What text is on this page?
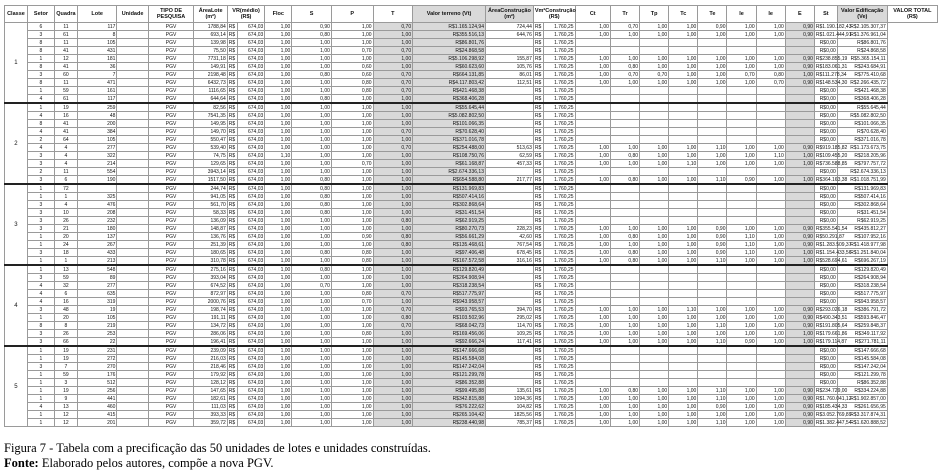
Classe	Setor	Quadra	Lote	Unidade	TIPO DE PESQUISA	ÁreaLote (m²)	VR(médio) (R$)		Floc	S	P	T	Valor terreno (Vt)	ÁreaConstrução (m²)	Vm²Construção (R$)		Ct	Tr	Tp	Tc	Te	Ie	Ie	E	St	Valor Edificação (Ve)	VALOR TOTAL (R$)
1	6	11	117		PGV	1788,84	R$	674,03	1,00	0,90	1,00	0,70	R$1.165.124,94	724,44	R$	1.760,25	1,00	0,70	1,00	1,00	0,90	1,00	1,00	0,90	R$1.190.182,43	R$2.105.307,37	
	3	61	8		PGV	693,14	R$	674,03	1,00	0,80	1,00	1,00	R$355.516,13	644,76	R$	1.760,25	1,00	1,00	1,00	1,00	1,00	1,00	1,00	0,90	R$1.021.444,91	R$1.376.961,04	
	8	11	105		PGV	139,98	R$	674,03	1,00	1,00	1,00	1,00	R$86.801,76		R$	1.760,25									R$0,00	R$86.801,76	
	8	41	431		PGV	75,50	R$	674,03	1,00	1,00	0,70	0,70	R$24.868,58		R$	1.760,25									R$0,00	R$24.868,58	
	1	12	181		PGV	7731,18	R$	674,03	1,00	1,00	1,00	1,00	R$5.106.298,92	155,87	R$	1.760,25	1,00	1,00	1,00	1,00	1,00	1,00	1,00	0,90	R$238.855,19	R$5.365.154,11	
	8	41	36		PGV	149,91	R$	674,03	1,00	1,00	0,60	1,00	R$60.623,60	105,76	R$	1.760,25	1,00	0,80	1,00	1,00	1,00	1,00	1,00	0,90	R$183.061,31	R$243.684,91	
	3	60	7		PGV	2198,48	R$	674,03	1,00	0,80	0,60	0,70	R$664.131,85	86,01	R$	1.760,25	1,00	0,70	0,70	1,00	1,00	0,70	0,80	1,00	R$111.278,34	R$775.410,68	
	8	11	471		PGV	6432,73	R$	674,03	1,00	1,00	0,80	0,70	R$4.117.803,42	112,51	R$	1.760,25	1,00	1,00	1,00	1,00	1,00	1,00	0,70	0,90	R$148.534,30	R$2.266.435,72	
	1	59	161		PGV	1116,65	R$	674,03	1,00	1,00	0,80	0,70	R$421.468,38		R$	1.760,25									R$0,00	R$421.468,38	
	4	61	117		PGV	644,64	R$	674,03	1,00	0,80	1,00	1,00	R$368.406,28		R$	1.760,25									R$0,00	R$368.406,28	
2	1	19	259		PGV	82,56	R$	674,03	1,00	1,00	1,00	1,00	R$55.645,44		R$	1.760,25									R$0,00	R$55.645,44	
	4	16	48		PGV	7541,35	R$	674,03	1,00	1,00	1,00	1,00	R$5.082.802,50		R$	1.760,25									R$0,00	R$5.082.802,50	
	8	41	200		PGV	149,95	R$	674,03	1,00	1,00	1,00	1,00	R$101.066,35		R$	1.760,25									R$0,00	R$101.066,35	
	4	41	384		PGV	149,70	R$	674,03	1,00	1,00	1,00	0,70	R$70.628,40		R$	1.760,25									R$0,00	R$70.628,40	
	2	64	105		PGV	550,47	R$	674,03	1,00	1,00	1,00	1,00	R$371.016,78		R$	1.760,25									R$0,00	R$371.016,78	
	4	4	277		PGV	539,40	R$	674,03	1,00	1,00	1,00	0,70	R$254.488,00	513,63	R$	1.760,25	1,00	1,00	1,00	1,00	1,10	1,00	1,00	0,90	R$919.185,82	R$1.173.673,75	
	3	4	322		PGV	74,75	R$	674,03	1,10	1,00	1,00	1,00	R$108.750,76	62,59	R$	1.760,25	1,00	0,80	1,00	1,00	1,00	1,00	1,10	1,00	R$109.455,20	R$218.205,96	
	3	4	214		PGV	129,65	R$	674,03	1,00	1,00	0,70	1,00	R$61.168,87	457,33	R$	1.760,25	1,00	1,00	1,00	1,10	1,00	1,00	1,00	1,00	R$736.588,85	R$797.757,72	
	2	11	554		PGV	3943,14	R$	674,03	1,00	1,00	1,00	1,00	R$2.674.336,13		R$	1.760,25									R$0,00	R$2.674.336,13	
	3	6	190		PGV	1517,50	R$	674,03	1,00	0,80	1,00	1,00	R$654.588,80	217,77	R$	1.760,25	1,00	0,80	1,00	1,00	1,10	0,90	1,00	1,00	R$364.163,38	R$1.018.751,99	
3	1	72			PGV	244,74	R$	674,03	1,00	0,80	1,00	1,00	R$131.969,83		R$	1.760,25									R$0,00	R$131.969,83	
	1	1	325		PGV	941,05	R$	674,03	1,00	0,80	1,00	1,00	R$507.414,16		R$	1.760,25									R$0,00	R$507.414,16	
	3	4	476		PGV	561,70	R$	674,03	1,00	0,80	1,00	1,00	R$302.868,64		R$	1.760,25									R$0,00	R$302.868,64	
	3	10	208		PGV	58,33	R$	674,03	1,00	0,80	1,00	1,00	R$31.451,54		R$	1.760,25									R$0,00	R$31.451,54	
	3	26	232		PGV	136,09	R$	674,03	1,00	1,00	1,00	0,80	R$62.919,25		R$	1.760,25									R$0,00	R$62.919,25	
	3	21	180		PGV	148,87	R$	674,03	1,00	1,00	1,00	1,00	R$80.270,73	228,23	R$	1.760,25	1,00	1,00	1,00	1,00	0,90	1,00	1,00	0,90	R$355.541,54	R$435.812,27	
	1	20	137		PGV	136,76	R$	674,03	1,00	1,00	0,90	0,80	R$56.661,29	42,60	R$	1.760,25	1,00	0,80	1,00	1,00	0,90	1,10	1,00	0,90	R$50.291,87	R$107.952,16	
	1	24	267		PGV	251,39	R$	674,03	1,00	1,00	1,00	0,80	R$135.468,61	767,54	R$	1.760,25	1,00	1,00	1,00	1,00	0,90	1,10	1,00	0,90	R$1.283.509,37	R$1.418.977,98	
	3	18	433		PGV	180,65	R$	674,03	1,00	0,80	0,80	1,00	R$97.406,48	678,45	R$	1.760,25	1,00	0,80	1,00	1,00	0,90	1,10	1,00	1,00	R$1.154.433,56	R$1.251.840,04	
	1	1	213		PGV	310,78	R$	674,03	1,00	1,00	0,80	1,00	R$167.572,58	316,16	R$	1.760,25	1,00	0,80	1,00	1,00	1,10	1,00	1,00	1,00	R$528.694,61	R$696.267,19	
4	1	13	548		PGV	275,16	R$	674,03	1,00	0,80	1,00	1,00	R$129.820,49		R$	1.760,25									R$0,00	R$129.820,49	
	3	59	89		PGV	393,04	R$	674,03	1,00	1,00	1,00	1,00	R$264.908,94		R$	1.760,25									R$0,00	R$264.908,94	
	4	32	277		PGV	674,52	R$	674,03	1,00	0,70	1,00	1,00	R$318.238,54		R$	1.760,25									R$0,00	R$318.238,54	
	4	6	635		PGV	872,97	R$	674,03	1,00	1,00	0,80	0,70	R$517.775,97		R$	1.760,25									R$0,00	R$517.775,97	
	4	16	319		PGV	2000,76	R$	674,03	1,00	1,00	0,70	1,00	R$943.958,57		R$	1.760,25									R$0,00	R$943.958,57	
	3	48	19		PGV	198,74	R$	674,03	1,00	1,00	1,00	0,70	R$93.765,53	394,70	R$	1.760,25	1,00	1,00	1,00	1,10	1,00	1,00	1,00	0,90	R$293.026,18	R$386.791,72	
	1	20	105		PGV	191,11	R$	674,03	1,00	1,00	1,00	0,80	R$103.502,96	295,02	R$	1.760,25	1,00	1,00	1,00	1,00	1,00	1,00	1,00	0,90	R$490.343,51	R$593.846,47	
	8	8	219		PGV	134,72	R$	674,03	1,00	1,00	1,00	0,70	R$68.042,73	114,70	R$	1.760,25	1,00	1,00	1,00	1,00	1,10	1,00	1,00	0,90	R$191.805,64	R$259.848,37	
	3	26	253		PGV	286,06	R$	674,03	1,00	1,00	0,80	1,00	R$169.456,06	109,25	R$	1.760,25	1,00	1,00	1,00	1,00	1,00	1,00	1,00	1,00	R$179.661,86	R$349.117,92	
	3	66	22		PGV	196,41	R$	674,03	1,00	1,00	1,00	1,00	R$92.666,24	117,41	R$	1.760,25	1,00	1,00	1,00	1,00	1,10	0,90	1,00	1,00	R$179.114,87	R$271.781,11	
5	1	19	231		PGV	239,09	R$	674,03	1,00	1,00	1,00	1,00	R$147.666,68		R$	1.760,25									R$0,00	R$147.666,68	
	1	19	272		PGV	216,03	R$	674,03	1,00	1,00	1,00	1,00	R$145.584,08		R$	1.760,25									R$0,00	R$145.584,08	
	3	7	270		PGV	218,46	R$	674,03	1,00	1,00	1,00	1,00	R$147.242,04		R$	1.760,25									R$0,00	R$147.242,04	
	1	59	176		PGV	179,92	R$	674,03	1,00	1,00	1,00	1,00	R$121.299,78		R$	1.760,25									R$0,00	R$121.299,78	
	1	3	512		PGV	128,12	R$	674,03	1,00	1,00	1,00	1,00	R$86.352,88		R$	1.760,25									R$0,00	R$86.352,88	
	1	19	256		PGV	147,65	R$	674,03	1,00	1,00	1,00	1,00	R$99.495,88	135,61	R$	1.760,25	1,00	0,80	1,00	1,00	1,10	1,00	1,00	0,90	R$234.729,00	R$334.224,88	
	1	9	441		PGV	182,61	R$	674,03	1,00	1,00	1,00	1,00	R$342.815,88	1094,36	R$	1.760,25	1,00	1,00	1,00	1,00	1,10	1,00	1,00	0,90	R$1.760.041,12	R$1.902.857,00	
	4	13	460		PGV	111,03	R$	674,03	1,00	1,00	1,00	1,00	R$76.222,62	104,82	R$	1.760,25	1,00	1,00	1,00	1,00	0,90	1,00	1,00	0,90	R$185.434,33	R$261.656,95	
	1	12	415		PGV	393,33	R$	674,03	1,00	1,00	1,00	1,00	R$265.104,42	1825,56	R$	1.760,25	1,00	1,00	1,00	1,00	1,00	1,00	1,00	0,90	R$3.052.769,89	R$3.317.874,31	
	1	12	201		PGV	359,72	R$	674,03	1,00	1,00	1,00	1,00	R$238.440,98	785,37	R$	1.760,25	1,00	1,00	1,00	1,00	1,10	1,00	1,00	0,90	R$1.382.447,54	R$1.620.888,52	
Figura 7 - Tabela com a precificação das 50 unidades de lotes e unidades construídas.
Fonte: Elaborado pelos autores, compõe a nova PGV.
